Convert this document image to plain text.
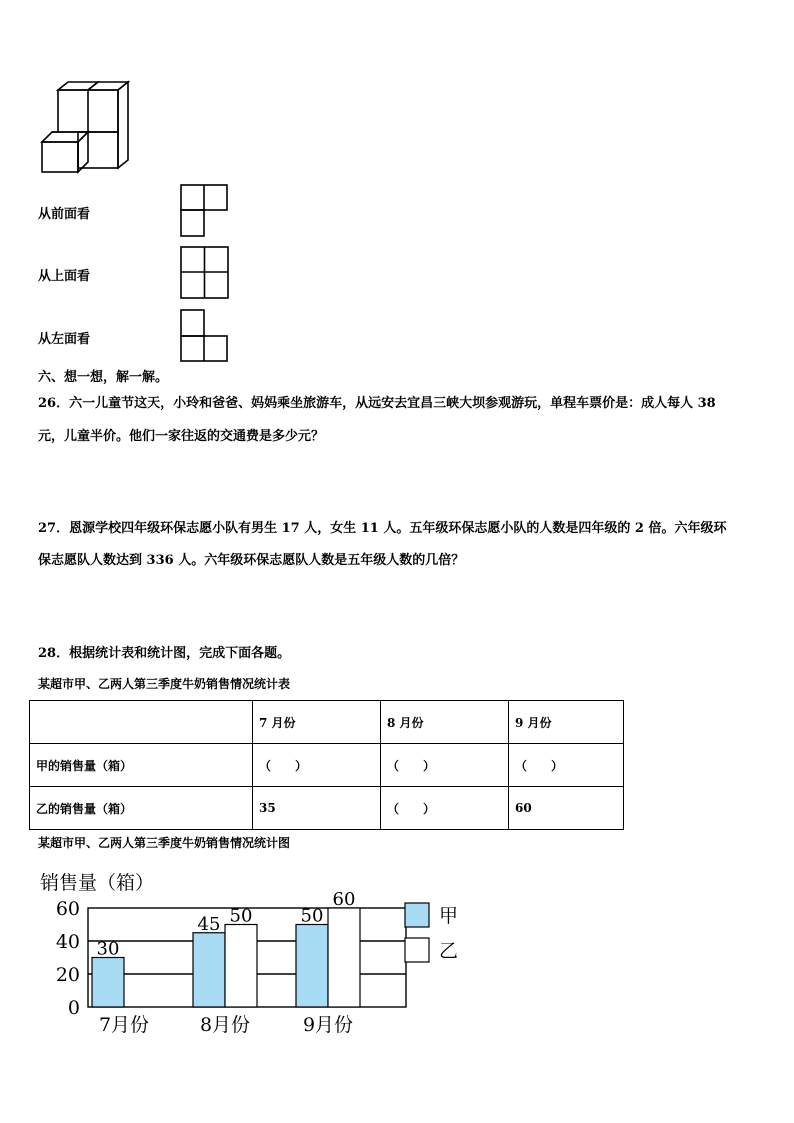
从前面看
从上面看
从左面看
六、想一想，解一解。
26．六一儿童节这天，小玲和爸爸、妈妈乘坐旅游车，从远安去宜昌三峡大坝参观游玩，单程车票价是：成人每人 38
元，儿童半价。他们一家往返的交通费是多少元？
27．恩源学校四年级环保志愿小队有男生 17 人，女生 11 人。五年级环保志愿小队的人数是四年级的 2 倍。六年级环
保志愿队人数达到 336 人。六年级环保志愿队人数是五年级人数的几倍？
28．根据统计表和统计图，完成下面各题。
某超市甲、乙两人第三季度牛奶销售情况统计表
	7 月份	8 月份	9 月份
甲的销售量（箱）	（　　）	（　　）	（　　）
乙的销售量（箱）	35	（　　）	60
某超市甲、乙两人第三季度牛奶销售情况统计图
销售量（箱）
0
20
40
60
30
45	50
50
60
7月份	8月份	9月份
甲
乙
